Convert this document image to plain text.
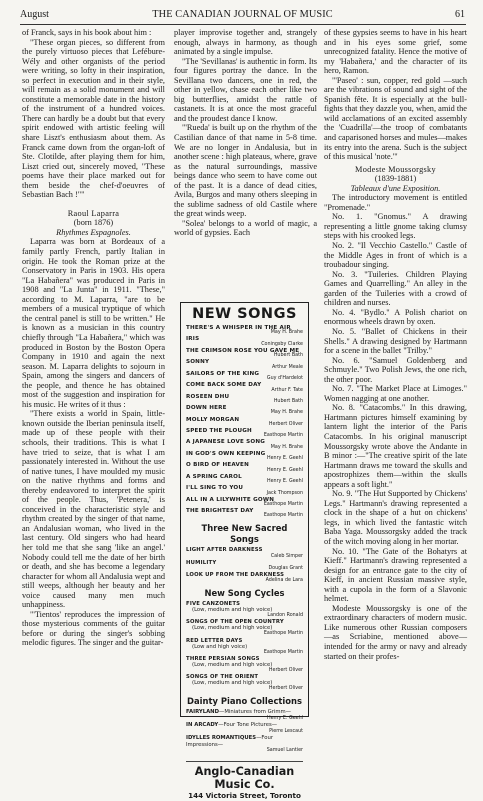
August	THE CANADIAN JOURNAL OF MUSIC	61

of Franck, says in his book about him :

"These organ pieces, so different from the purely virtuoso pieces that Lefébure-Wély and other organists of the period were writing, so lofty in their inspiration, so perfect in execution and in their style, will remain as a solid monument and will constitute a memorable date in the history of the instrument of a hundred voices. There can hardly be a doubt but that every spirit endowed with artistic feeling will share Liszt's enthusiasm about them. As Franck came down from the organ-loft of Ste. Clotilde, after playing them for him, Liszt cried out, sincerely moved, "These poems have their place marked out for them beside the chef-d'oeuvres of Sebastian Bach !""

Raoul Laparra

(born 1876)

Rhythmes Espagnoles.

Laparra was born at Bordeaux of a family partly French, partly Italian in origin. He took the Roman prize at the Conservatory in Paris in 1903. His opera "La Habañera" was produced in Paris in 1908 and "La Junta" in 1911. "These," according to M. Laparra, "are to be members of a musical tryptique of which the central panel is still to be written." He is known as a musician in this country chiefly through "La Habañera," which was produced in Boston by the Boston Opera Company in 1910 and again the next season. M. Laparra delights to sojourn in Spain, among the singers and dancers of the people, and thence he has obtained most of the suggestion and inspiration for his music. He writes of it thus :

"There exists a world in Spain, little-known outside the Iberian peninsula itself, made up of these people with their schools, their traditions. This is what I have tried to seize, that is what I am passionately interested in. Without the use of native tunes, I have moulded my music on the native rhythms and forms and thereby endeavored to interpret the spirit of the people. Thus, 'Petenera,' is conceived in the characteristic style and rhythm created by the singer of that name, an Andalusian woman, who lived in the last century. Old singers who had heard her told me that she sang 'like an angel.' Nobody could tell me the date of her birth or death, and she has become a legendary character for whom all Andalusia wept and still weeps, although her beauty and her voice caused many men much unhappiness.

"'Tientos' reproduces the impression of those mysterious comments of the guitar before or during the singer's sobbing melodic figures. The singer and the guitar-

player improvise together and, strangely enough, always in harmony, as though animated by a single impulse.

"The 'Sevillanas' is authentic in form. Its four figures portray the dance. In the Sevillana two dancers, one in red, the other in yellow, chase each other like two big butterflies, amidst the rattle of castanets. It is at once the most graceful and the proudest dance I know.

"'Rueda' is built up on the rhythm of the Castilian dance of that name in 5-8 time. We are no longer in Andalusia, but in another scene : high plateaus, where, grave as the natural surroundings, massive beings dance who seem to have come out of the past. It is a dance of dead cities, Avila, Burgos and many others sleeping in the sublime sadness of old Castile where the great winds weep.

"Solea' belongs to a world of magic, a world of gypsies. Each

NEW SONGS
THERE'S A WHISPER IN THE AIR
May H. Brahe
IRIS
Coningsby Clarke
THE CRIMSON ROSE YOU GAVE ME
Hubert Bath
SONNY
Arthur Meale
SAILORS OF THE KING
Guy d'Hardelot
COME BACK SOME DAY
Arthur F. Tate
ROSEEN DHU
Hubert Bath
DOWN HERE
May H. Brahe
MOLLY MORGAN
Herbert Oliver
SPEED THE PLOUGH
Easthope Martin
A JAPANESE LOVE SONG
May H. Brahe
IN GOD'S OWN KEEPING
Henry E. Geehl
O BIRD OF HEAVEN
Henry E. Geehl
A SPRING CAROL
Henry E. Geehl
I'LL SING TO YOU
Jack Thompson
ALL IN A LILYWHITE GOWN
Easthope Martin
THE BRIGHTEST DAY
Easthope Martin
Three New Sacred Songs
LIGHT AFTER DARKNESS
Caleb Simper
HUMILITY
Douglas Grant
LOOK UP FROM THE DARKNESS
Adelina de Lara
New Song Cycles
FIVE CANZONETS
(Low, medium and high voice)
Landon Ronald
SONGS OF THE OPEN COUNTRY
(Low, medium and high voice)
Easthope Martin
RED LETTER DAYS
(Low and high voice)
Easthope Martin
THREE PERSIAN SONGS
(Low, medium and high voice)
Herbert Oliver
SONGS OF THE ORIENT
(Low, medium and high voice)
Herbert Oliver
Dainty Piano Collections
FAIRYLAND—Miniatures from Grimm—
Henry E. Geehl
IN ARCADY—Four Tone Pictures—
Pierre Lescaut
IDYLLES ROMANTIQUES—Four Impressions—
Samuel Lantier
Anglo-Canadian Music Co.
144 Victoria Street, Toronto

of these gypsies seems to have in his heart and in his eyes some grief, some unrecognized fatality. Hence the motive of my 'Habañera,' and the character of its hero, Ramon.

"'Paseo' : sun, copper, red gold —such are the vibrations of sound and sight of the Spanish fête. It is especially at the bull-fights that they dazzle you, when, amid the wild acclamations of an excited assembly the 'Cuadrilla'—the troop of combatants and caparisoned horses and mules—makes its entry into the arena. Such is the subject of this musical 'note.'"

Modeste Moussorgsky

(1839-1881)

Tableaux d'une Exposition.

The introductory movement is entitled "Promenade."

No. 1. "Gnomus." A drawing representing a little gnome taking clumsy steps with his crooked legs.

No. 2. "Il Vecchio Castello." Castle of the Middle Ages in front of which is a troubadour singing.

No. 3. "Tuileries. Children Playing Games and Quarrelling." An alley in the garden of the Tuileries with a crowd of children and nurses.

No. 4. "Bydlo." A Polish chariot on enormous wheels drawn by oxen.

No. 5. "Ballet of Chickens in their Shells." A drawing designed by Hartmann for a scene in the ballet "Trilby."

No. 6. "Samuel Goldenberg and Schmuyle." Two Polish Jews, the one rich, the other poor.

No. 7. "The Market Place at Limoges." Women nagging at one another.

No. 8. "Catacombs." In this drawing, Hartmann pictures himself examining by lantern light the interior of the Paris Catacombs. In his original manuscript Moussorgsky wrote above the Andante in B minor :—"The creative spirit of the late Hartmann draws me toward the skulls and apostrophizes them—within the skulls appears a soft light."

No. 9. "The Hut Supported by Chickens' Legs." Hartmann's drawing represented a clock in the shape of a hut on chickens' legs, in which lived the fantastic witch Baba Yaga. Moussorgsky added the track of the witch moving along in her mortar.

No. 10. "The Gate of the Bohatyrs at Kieff." Hartmann's drawing represented a design for an entrance gate to the city of Kieff, in ancient Russian massive style, with a cupola in the form of a Slavonic helmet.

Modeste Moussorgsky is one of the extraordinary characters of modern music. Like numerous other Russian composers —as Scriabine, mentioned above—intended for the army or navy and already started on their profes-
